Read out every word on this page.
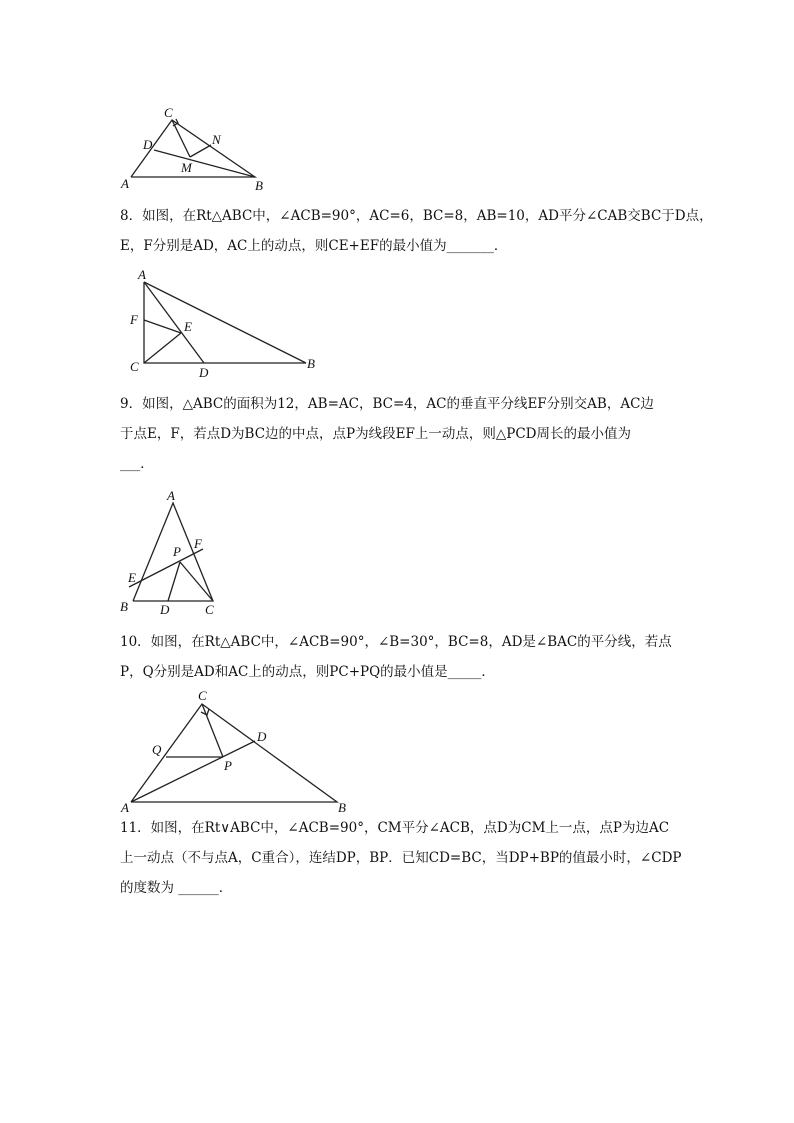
C
N
D
M
A	B
8．如图，在Rt△ABC中，∠ACB=90°，AC=6，BC=8，AB=10，AD平分∠CAB交BC于D点，
E，F分别是AD，AC上的动点，则CE+EF的最小值为_______．
A
F	E
C	D
B
9．如图，△ABC的面积为12，AB=AC，BC=4，AC的垂直平分线EF分别交AB，AC边
于点E，F，若点D为BC边的中点，点P为线段EF上一动点，则△PCD周长的最小值为
___．
A
P
F
E
B D	C
10．如图，在Rt△ABC中，∠ACB=90°，∠B=30°，BC=8，AD是∠BAC的平分线，若点
P，Q分别是AD和AC上的动点，则PC+PQ的最小值是_____．
C
D
Q
P
A	B
11．如图，在Rt∨ABC中，∠ACB=90°，CM平分∠ACB，点D为CM上一点，点P为边AC
上一动点（不与点A，C重合），连结DP，BP．已知CD=BC，当DP+BP的值最小时，∠CDP
的度数为 ______．
